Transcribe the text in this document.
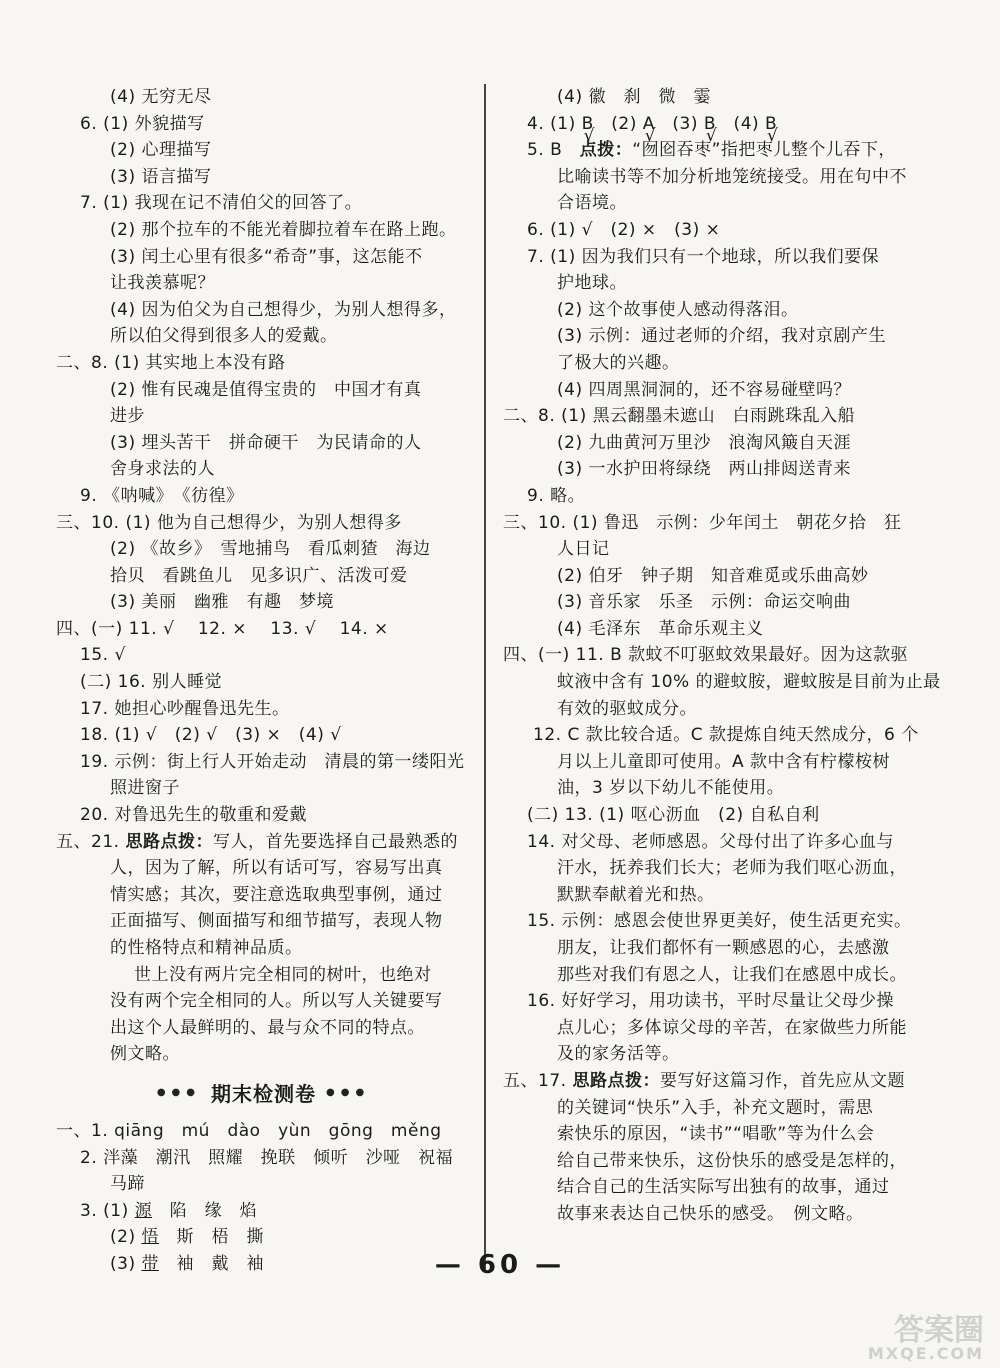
(4) 无穷无尽
6. (1) 外貌描写
(2) 心理描写
(3) 语言描写
7. (1) 我现在记不清伯父的回答了。
(2) 那个拉车的不能光着脚拉着车在路上跑。
(3) 闰土心里有很多“希奇”事，这怎能不
让我羡慕呢？
(4) 因为伯父为自己想得少，为别人想得多，
所以伯父得到很多人的爱戴。
二、8. (1) 其实地上本没有路
(2) 惟有民魂是值得宝贵的　中国才有真
进步
(3) 埋头苦干　拼命硬干　为民请命的人
舍身求法的人
9. 《呐喊》　《彷徨》
三、10. (1) 他为自己想得少，为别人想得多
(2) 《故乡》　雪地捕鸟　看瓜刺猹　海边
拾贝　看跳鱼儿　见多识广、活泼可爱
(3) 美丽　幽雅　有趣　梦境
四、(一) 11. √　 12. ×　 13. √　 14. ×
15. √
(二) 16. 别人睡觉
17. 她担心吵醒鲁迅先生。
18. (1) √　(2) √　(3) ×　(4) √
19. 示例：街上行人开始走动　清晨的第一缕阳光
照进窗子
20. 对鲁迅先生的敬重和爱戴
五、21. 思路点拨：写人，首先要选择自己最熟悉的
人，因为了解，所以有话可写，容易写出真
情实感；其次，要注意选取典型事例，通过
正面描写、侧面描写和细节描写，表现人物
的性格特点和精神品质。
世上没有两片完全相同的树叶，也绝对
没有两个完全相同的人。所以写人关键要写
出这个人最鲜明的、最与众不同的特点。
例文略。
●●● 期末检测卷 ●●●
一、1. qiāng　mú　dào　yùn　gōng　měng
2. 泮藻　潮汛　照耀　挽联　倾听　沙哑　祝福
马蹄
3. (1) 源　陷　缘　焰
(2) 悟　斯　梧　撕
(3) 带　袖　戴　袖
(4) 徽　刹　微　霎
4. (1) B √　(2) A √　(3) B √　(4) B √
5. B　点拨：“囫囵吞枣”指把枣儿整个儿吞下，
比喻读书等不加分析地笼统接受。用在句中不
合语境。
6. (1) √　(2) ×　(3) ×
7. (1) 因为我们只有一个地球，所以我们要保
护地球。
(2) 这个故事使人感动得落泪。
(3) 示例：通过老师的介绍，我对京剧产生
了极大的兴趣。
(4) 四周黑洞洞的，还不容易碰壁吗？
二、8. (1) 黑云翻墨未遮山　白雨跳珠乱入船
(2) 九曲黄河万里沙　浪淘风簸自天涯
(3) 一水护田将绿绕　两山排闼送青来
9. 略。
三、10. (1) 鲁迅　示例：少年闰土　朝花夕拾　狂
人日记
(2) 伯牙　钟子期　知音难觅或乐曲高妙
(3) 音乐家　乐圣　示例：命运交响曲
(4) 毛泽东　革命乐观主义
四、(一) 11. B 款蚊不叮驱蚊效果最好。因为这款驱
蚊液中含有 10% 的避蚊胺，避蚊胺是目前为止最
有效的驱蚊成分。
12. C 款比较合适。C 款提炼自纯天然成分，6 个
月以上儿童即可使用。A 款中含有柠檬桉树
油，3 岁以下幼儿不能使用。
(二) 13. (1) 呕心沥血　(2) 自私自利
14. 对父母、老师感恩。父母付出了许多心血与
汗水，抚养我们长大；老师为我们呕心沥血，
默默奉献着光和热。
15. 示例：感恩会使世界更美好，使生活更充实。
朋友，让我们都怀有一颗感恩的心，去感激
那些对我们有恩之人，让我们在感恩中成长。
16. 好好学习，用功读书，平时尽量让父母少操
点儿心；多体谅父母的辛苦，在家做些力所能
及的家务活等。
五、17. 思路点拨：要写好这篇习作，首先应从文题
的关键词“快乐”入手，补充文题时，需思
索快乐的原因，“读书”“唱歌”等为什么会
给自己带来快乐，这份快乐的感受是怎样的，
结合自己的生活实际写出独有的故事，通过
故事来表达自己快乐的感受。　例文略。
— 60 —
答案圈
MXQE.COM
